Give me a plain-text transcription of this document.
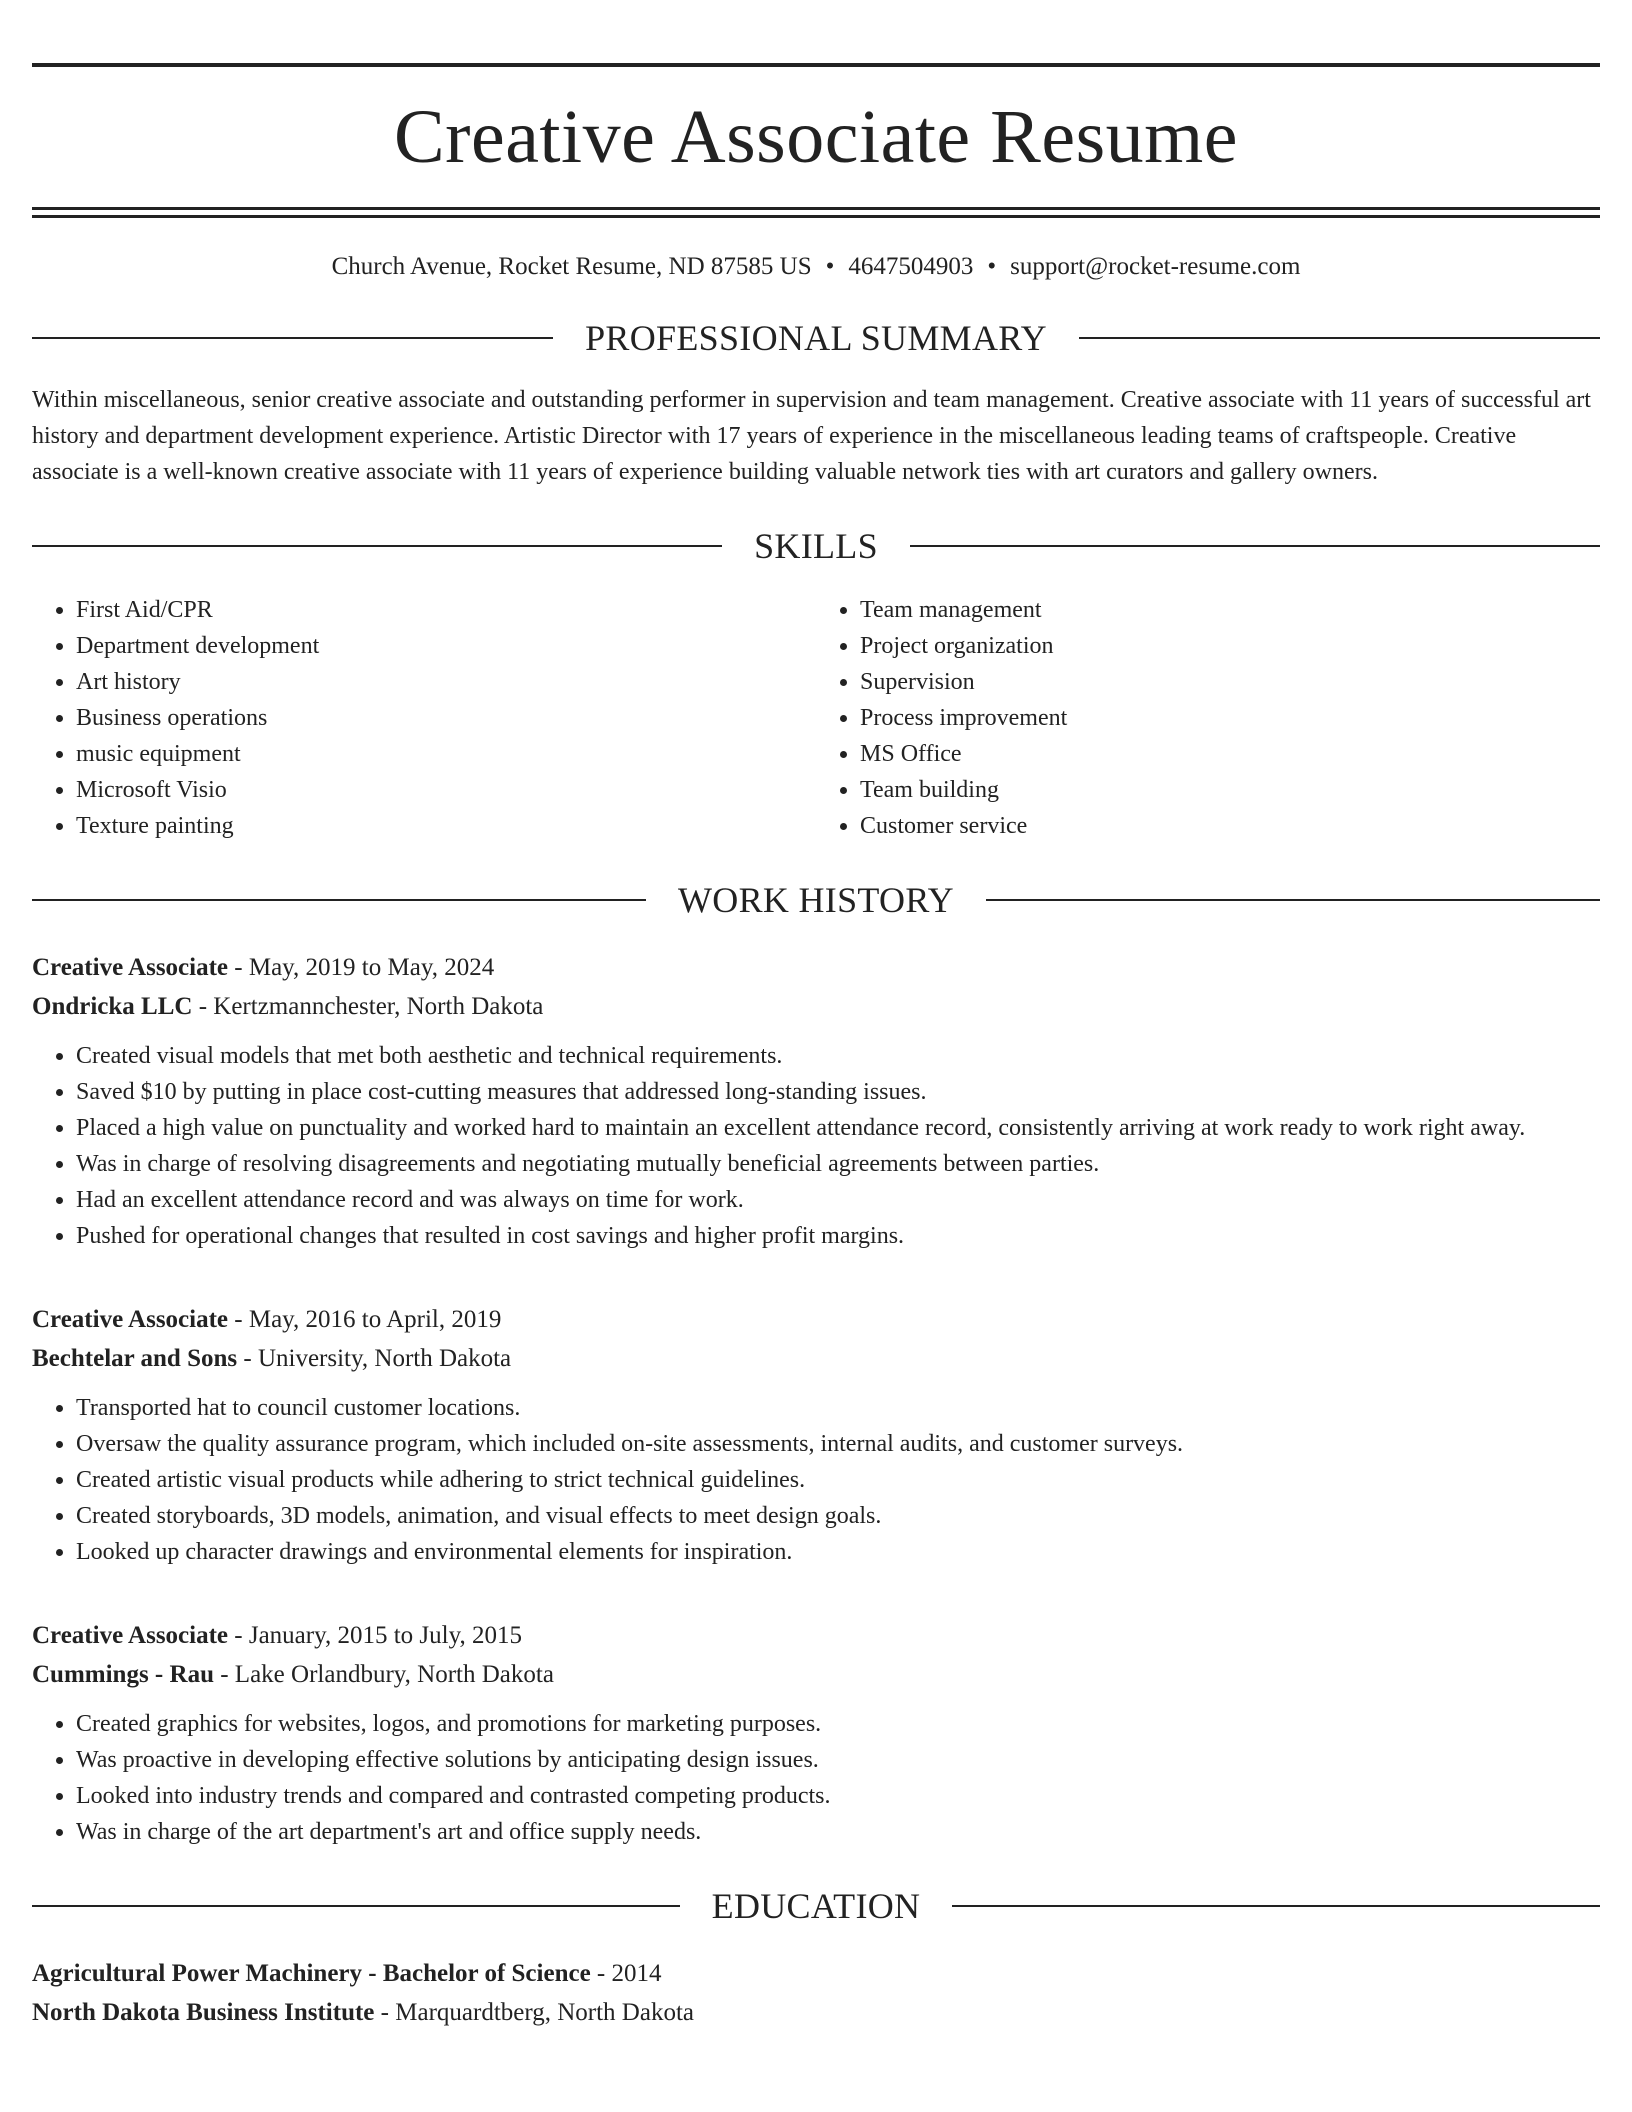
Creative Associate Resume
Church Avenue, Rocket Resume, ND 87585 US • 4647504903 • support@rocket-resume.com
PROFESSIONAL SUMMARY
Within miscellaneous, senior creative associate and outstanding performer in supervision and team management. Creative associate with 11 years of successful art history and department development experience. Artistic Director with 17 years of experience in the miscellaneous leading teams of craftspeople. Creative associate is a well-known creative associate with 11 years of experience building valuable network ties with art curators and gallery owners.
SKILLS
• First Aid/CPR
• Department development
• Art history
• Business operations
• music equipment
• Microsoft Visio
• Texture painting
• Team management
• Project organization
• Supervision
• Process improvement
• MS Office
• Team building
• Customer service
WORK HISTORY
Creative Associate - May, 2019 to May, 2024
Ondricka LLC - Kertzmannchester, North Dakota
• Created visual models that met both aesthetic and technical requirements.
• Saved $10 by putting in place cost-cutting measures that addressed long-standing issues.
• Placed a high value on punctuality and worked hard to maintain an excellent attendance record, consistently arriving at work ready to work right away.
• Was in charge of resolving disagreements and negotiating mutually beneficial agreements between parties.
• Had an excellent attendance record and was always on time for work.
• Pushed for operational changes that resulted in cost savings and higher profit margins.
Creative Associate - May, 2016 to April, 2019
Bechtelar and Sons - University, North Dakota
• Transported hat to council customer locations.
• Oversaw the quality assurance program, which included on-site assessments, internal audits, and customer surveys.
• Created artistic visual products while adhering to strict technical guidelines.
• Created storyboards, 3D models, animation, and visual effects to meet design goals.
• Looked up character drawings and environmental elements for inspiration.
Creative Associate - January, 2015 to July, 2015
Cummings - Rau - Lake Orlandbury, North Dakota
• Created graphics for websites, logos, and promotions for marketing purposes.
• Was proactive in developing effective solutions by anticipating design issues.
• Looked into industry trends and compared and contrasted competing products.
• Was in charge of the art department's art and office supply needs.
EDUCATION
Agricultural Power Machinery - Bachelor of Science - 2014
North Dakota Business Institute - Marquardtberg, North Dakota
